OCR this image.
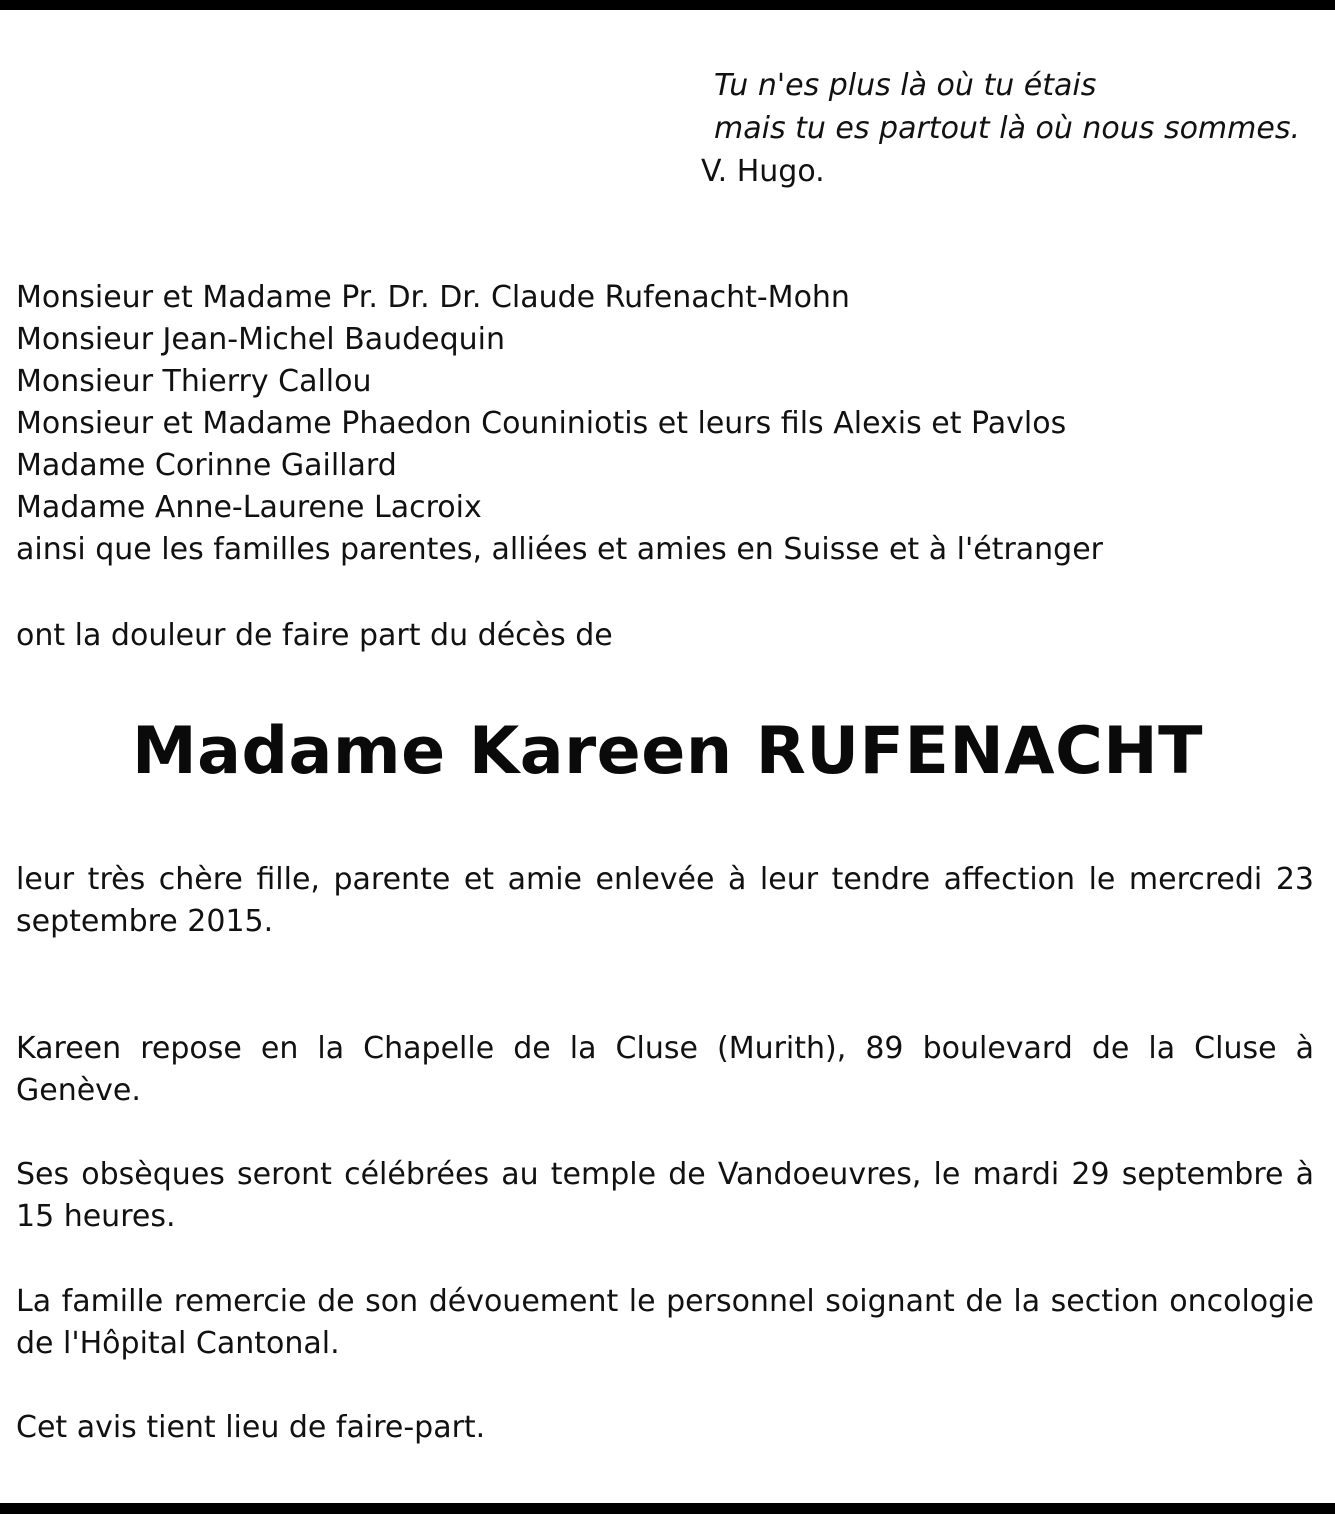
Tu n'es plus là où tu étais
mais tu es partout là où nous sommes.
V. Hugo.
Monsieur et Madame Pr. Dr. Dr. Claude Rufenacht-Mohn
Monsieur Jean-Michel Baudequin
Monsieur Thierry Callou
Monsieur et Madame Phaedon Couniniotis et leurs fils Alexis et Pavlos
Madame Corinne Gaillard
Madame Anne-Laurene Lacroix
ainsi que les familles parentes, alliées et amies en Suisse et à l'étranger
ont la douleur de faire part du décès de
Madame Kareen RUFENACHT
leur très chère fille, parente et amie enlevée à leur tendre affection le mercredi 23 septembre 2015.
Kareen repose en la Chapelle de la Cluse (Murith), 89 boulevard de la Cluse à Genève.
Ses obsèques seront célébrées au temple de Vandoeuvres, le mardi 29 septembre à 15 heures.
La famille remercie de son dévouement le personnel soignant de la section oncologie de l'Hôpital Cantonal.
Cet avis tient lieu de faire-part.
